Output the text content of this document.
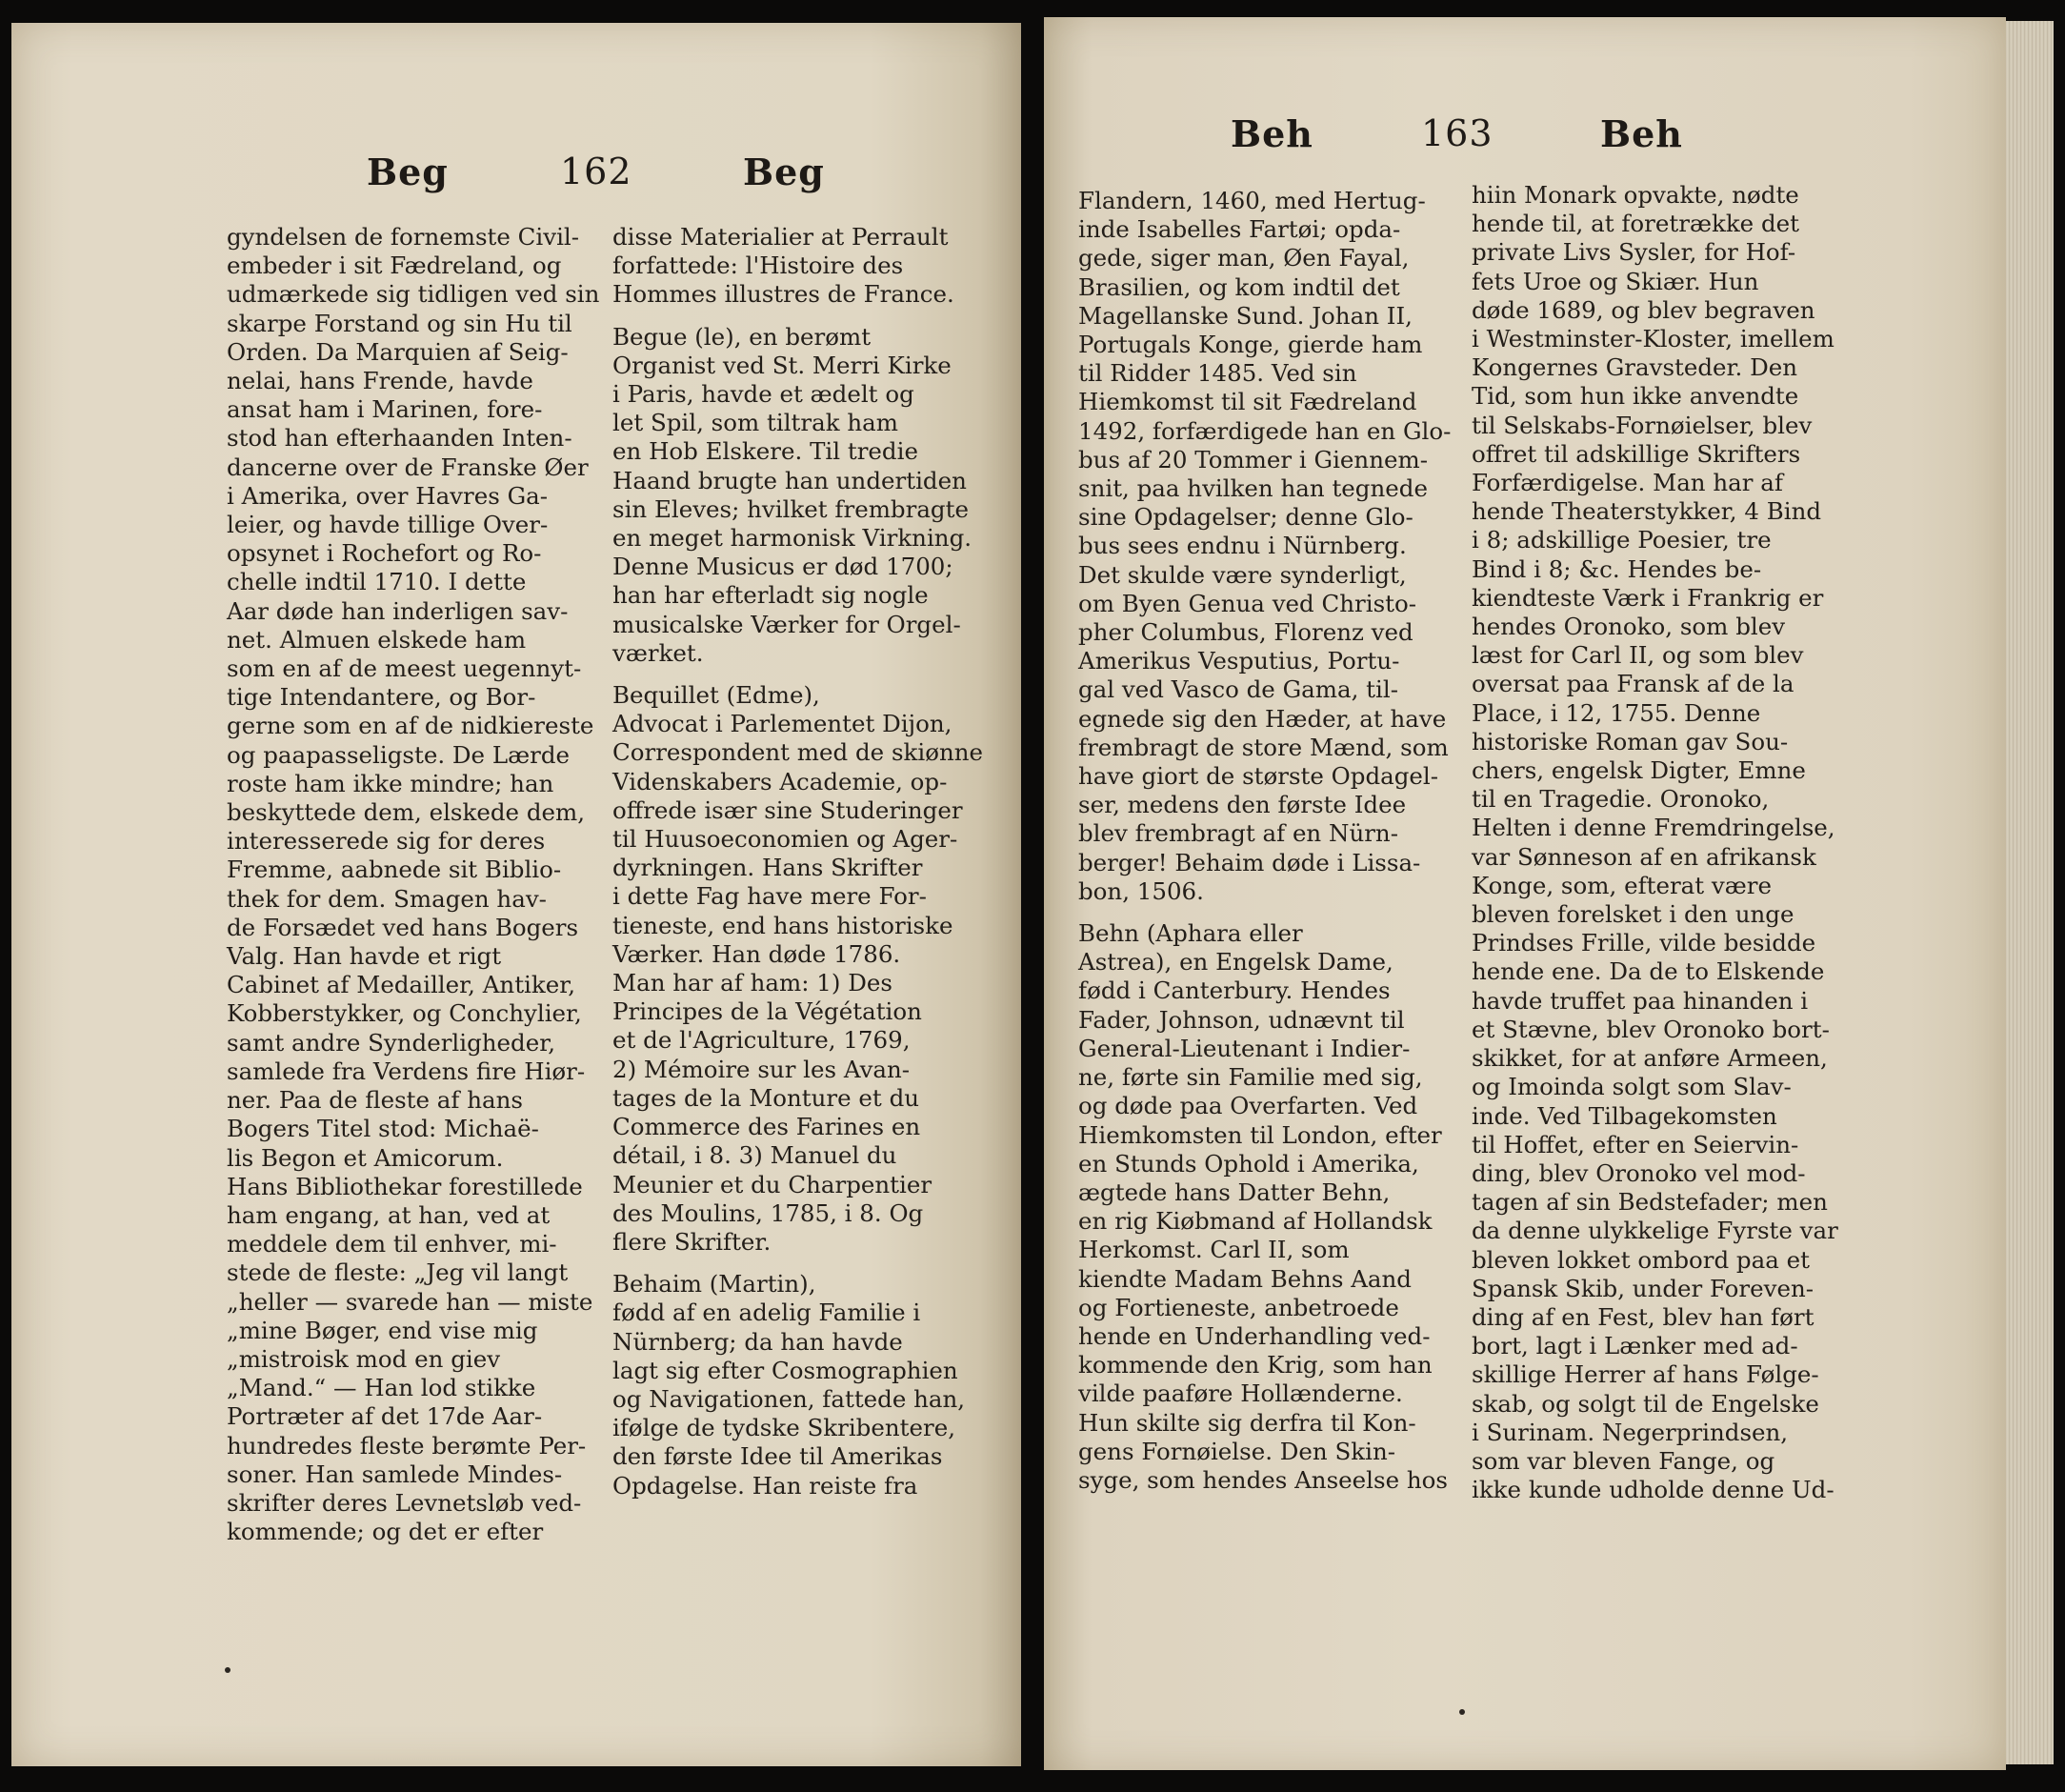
Beg	162	Beg
Beh	163	Beh

gyndelsen de fornemste Civil-
embeder i sit Fædreland, og
udmærkede sig tidligen ved sin
skarpe Forstand og sin Hu til
Orden. Da Marquien af Seig-
nelai, hans Frende, havde
ansat ham i Marinen, fore-
stod han efterhaanden Inten-
dancerne over de Franske Øer
i Amerika, over Havres Ga-
leier, og havde tillige Over-
opsynet i Rochefort og Ro-
chelle indtil 1710. I dette
Aar døde han inderligen sav-
net. Almuen elskede ham
som en af de meest uegennyt-
tige Intendantere, og Bor-
gerne som en af de nidkiereste
og paapasseligste. De Lærde
roste ham ikke mindre; han
beskyttede dem, elskede dem,
interesserede sig for deres
Fremme, aabnede sit Biblio-
thek for dem. Smagen hav-
de Forsædet ved hans Bogers
Valg. Han havde et rigt
Cabinet af Medailler, Antiker,
Kobberstykker, og Conchylier,
samt andre Synderligheder,
samlede fra Verdens fire Hiør-
ner. Paa de fleste af hans
Bogers Titel stod: Michaë-
lis Begon et Amicorum.
Hans Bibliothekar forestillede
ham engang, at han, ved at
meddele dem til enhver, mi-
stede de fleste: „Jeg vil langt
„heller — svarede han — miste
„mine Bøger, end vise mig
„mistroisk mod en giev
„Mand.“ — Han lod stikke
Portræter af det 17de Aar-
hundredes fleste berømte Per-
soner. Han samlede Mindes-
skrifter deres Levnetsløb ved-
kommende; og det er efter

disse Materialier at Perrault
forfattede: l'Histoire des
Hommes illustres de France.

Begue (le), en berømt
Organist ved St. Merri Kirke
i Paris, havde et ædelt og
let Spil, som tiltrak ham
en Hob Elskere. Til tredie
Haand brugte han undertiden
sin Eleves; hvilket frembragte
en meget harmonisk Virkning.
Denne Musicus er død 1700;
han har efterladt sig nogle
musicalske Værker for Orgel-
værket.

Bequillet (Edme),
Advocat i Parlementet Dijon,
Correspondent med de skiønne
Videnskabers Academie, op-
offrede især sine Studeringer
til Huusoeconomien og Ager-
dyrkningen. Hans Skrifter
i dette Fag have mere For-
tieneste, end hans historiske
Værker. Han døde 1786.
Man har af ham: 1) Des
Principes de la Végétation
et de l'Agriculture, 1769,
2) Mémoire sur les Avan-
tages de la Monture et du
Commerce des Farines en
détail, i 8. 3) Manuel du
Meunier et du Charpentier
des Moulins, 1785, i 8. Og
flere Skrifter.

Behaim (Martin),
fødd af en adelig Familie i
Nürnberg; da han havde
lagt sig efter Cosmographien
og Navigationen, fattede han,
ifølge de tydske Skribentere,
den første Idee til Amerikas
Opdagelse. Han reiste fra

Flandern, 1460, med Hertug-
inde Isabelles Fartøi; opda-
gede, siger man, Øen Fayal,
Brasilien, og kom indtil det
Magellanske Sund. Johan II,
Portugals Konge, gierde ham
til Ridder 1485. Ved sin
Hiemkomst til sit Fædreland
1492, forfærdigede han en Glo-
bus af 20 Tommer i Giennem-
snit, paa hvilken han tegnede
sine Opdagelser; denne Glo-
bus sees endnu i Nürnberg.
Det skulde være synderligt,
om Byen Genua ved Christo-
pher Columbus, Florenz ved
Amerikus Vesputius, Portu-
gal ved Vasco de Gama, til-
egnede sig den Hæder, at have
frembragt de store Mænd, som
have giort de største Opdagel-
ser, medens den første Idee
blev frembragt af en Nürn-
berger! Behaim døde i Lissa-
bon, 1506.

Behn (Aphara eller
Astrea), en Engelsk Dame,
fødd i Canterbury. Hendes
Fader, Johnson, udnævnt til
General-Lieutenant i Indier-
ne, førte sin Familie med sig,
og døde paa Overfarten. Ved
Hiemkomsten til London, efter
en Stunds Ophold i Amerika,
ægtede hans Datter Behn,
en rig Kiøbmand af Hollandsk
Herkomst. Carl II, som
kiendte Madam Behns Aand
og Fortieneste, anbetroede
hende en Underhandling ved-
kommende den Krig, som han
vilde paaføre Hollænderne.
Hun skilte sig derfra til Kon-
gens Fornøielse. Den Skin-
syge, som hendes Anseelse hos

hiin Monark opvakte, nødte
hende til, at foretrække det
private Livs Sysler, for Hof-
fets Uroe og Skiær. Hun
døde 1689, og blev begraven
i Westminster-Kloster, imellem
Kongernes Gravsteder. Den
Tid, som hun ikke anvendte
til Selskabs-Fornøielser, blev
offret til adskillige Skrifters
Forfærdigelse. Man har af
hende Theaterstykker, 4 Bind
i 8; adskillige Poesier, tre
Bind i 8; &c. Hendes be-
kiendteste Værk i Frankrig er
hendes Oronoko, som blev
læst for Carl II, og som blev
oversat paa Fransk af de la
Place, i 12, 1755. Denne
historiske Roman gav Sou-
chers, engelsk Digter, Emne
til en Tragedie. Oronoko,
Helten i denne Fremdringelse,
var Sønneson af en afrikansk
Konge, som, efterat være
bleven forelsket i den unge
Prindses Frille, vilde besidde
hende ene. Da de to Elskende
havde truffet paa hinanden i
et Stævne, blev Oronoko bort-
skikket, for at anføre Armeen,
og Imoinda solgt som Slav-
inde. Ved Tilbagekomsten
til Hoffet, efter en Seiervin-
ding, blev Oronoko vel mod-
tagen af sin Bedstefader; men
da denne ulykkelige Fyrste var
bleven lokket ombord paa et
Spansk Skib, under Foreven-
ding af en Fest, blev han ført
bort, lagt i Lænker med ad-
skillige Herrer af hans Følge-
skab, og solgt til de Engelske
i Surinam. Negerprindsen,
som var bleven Fange, og
ikke kunde udholde denne Ud-
